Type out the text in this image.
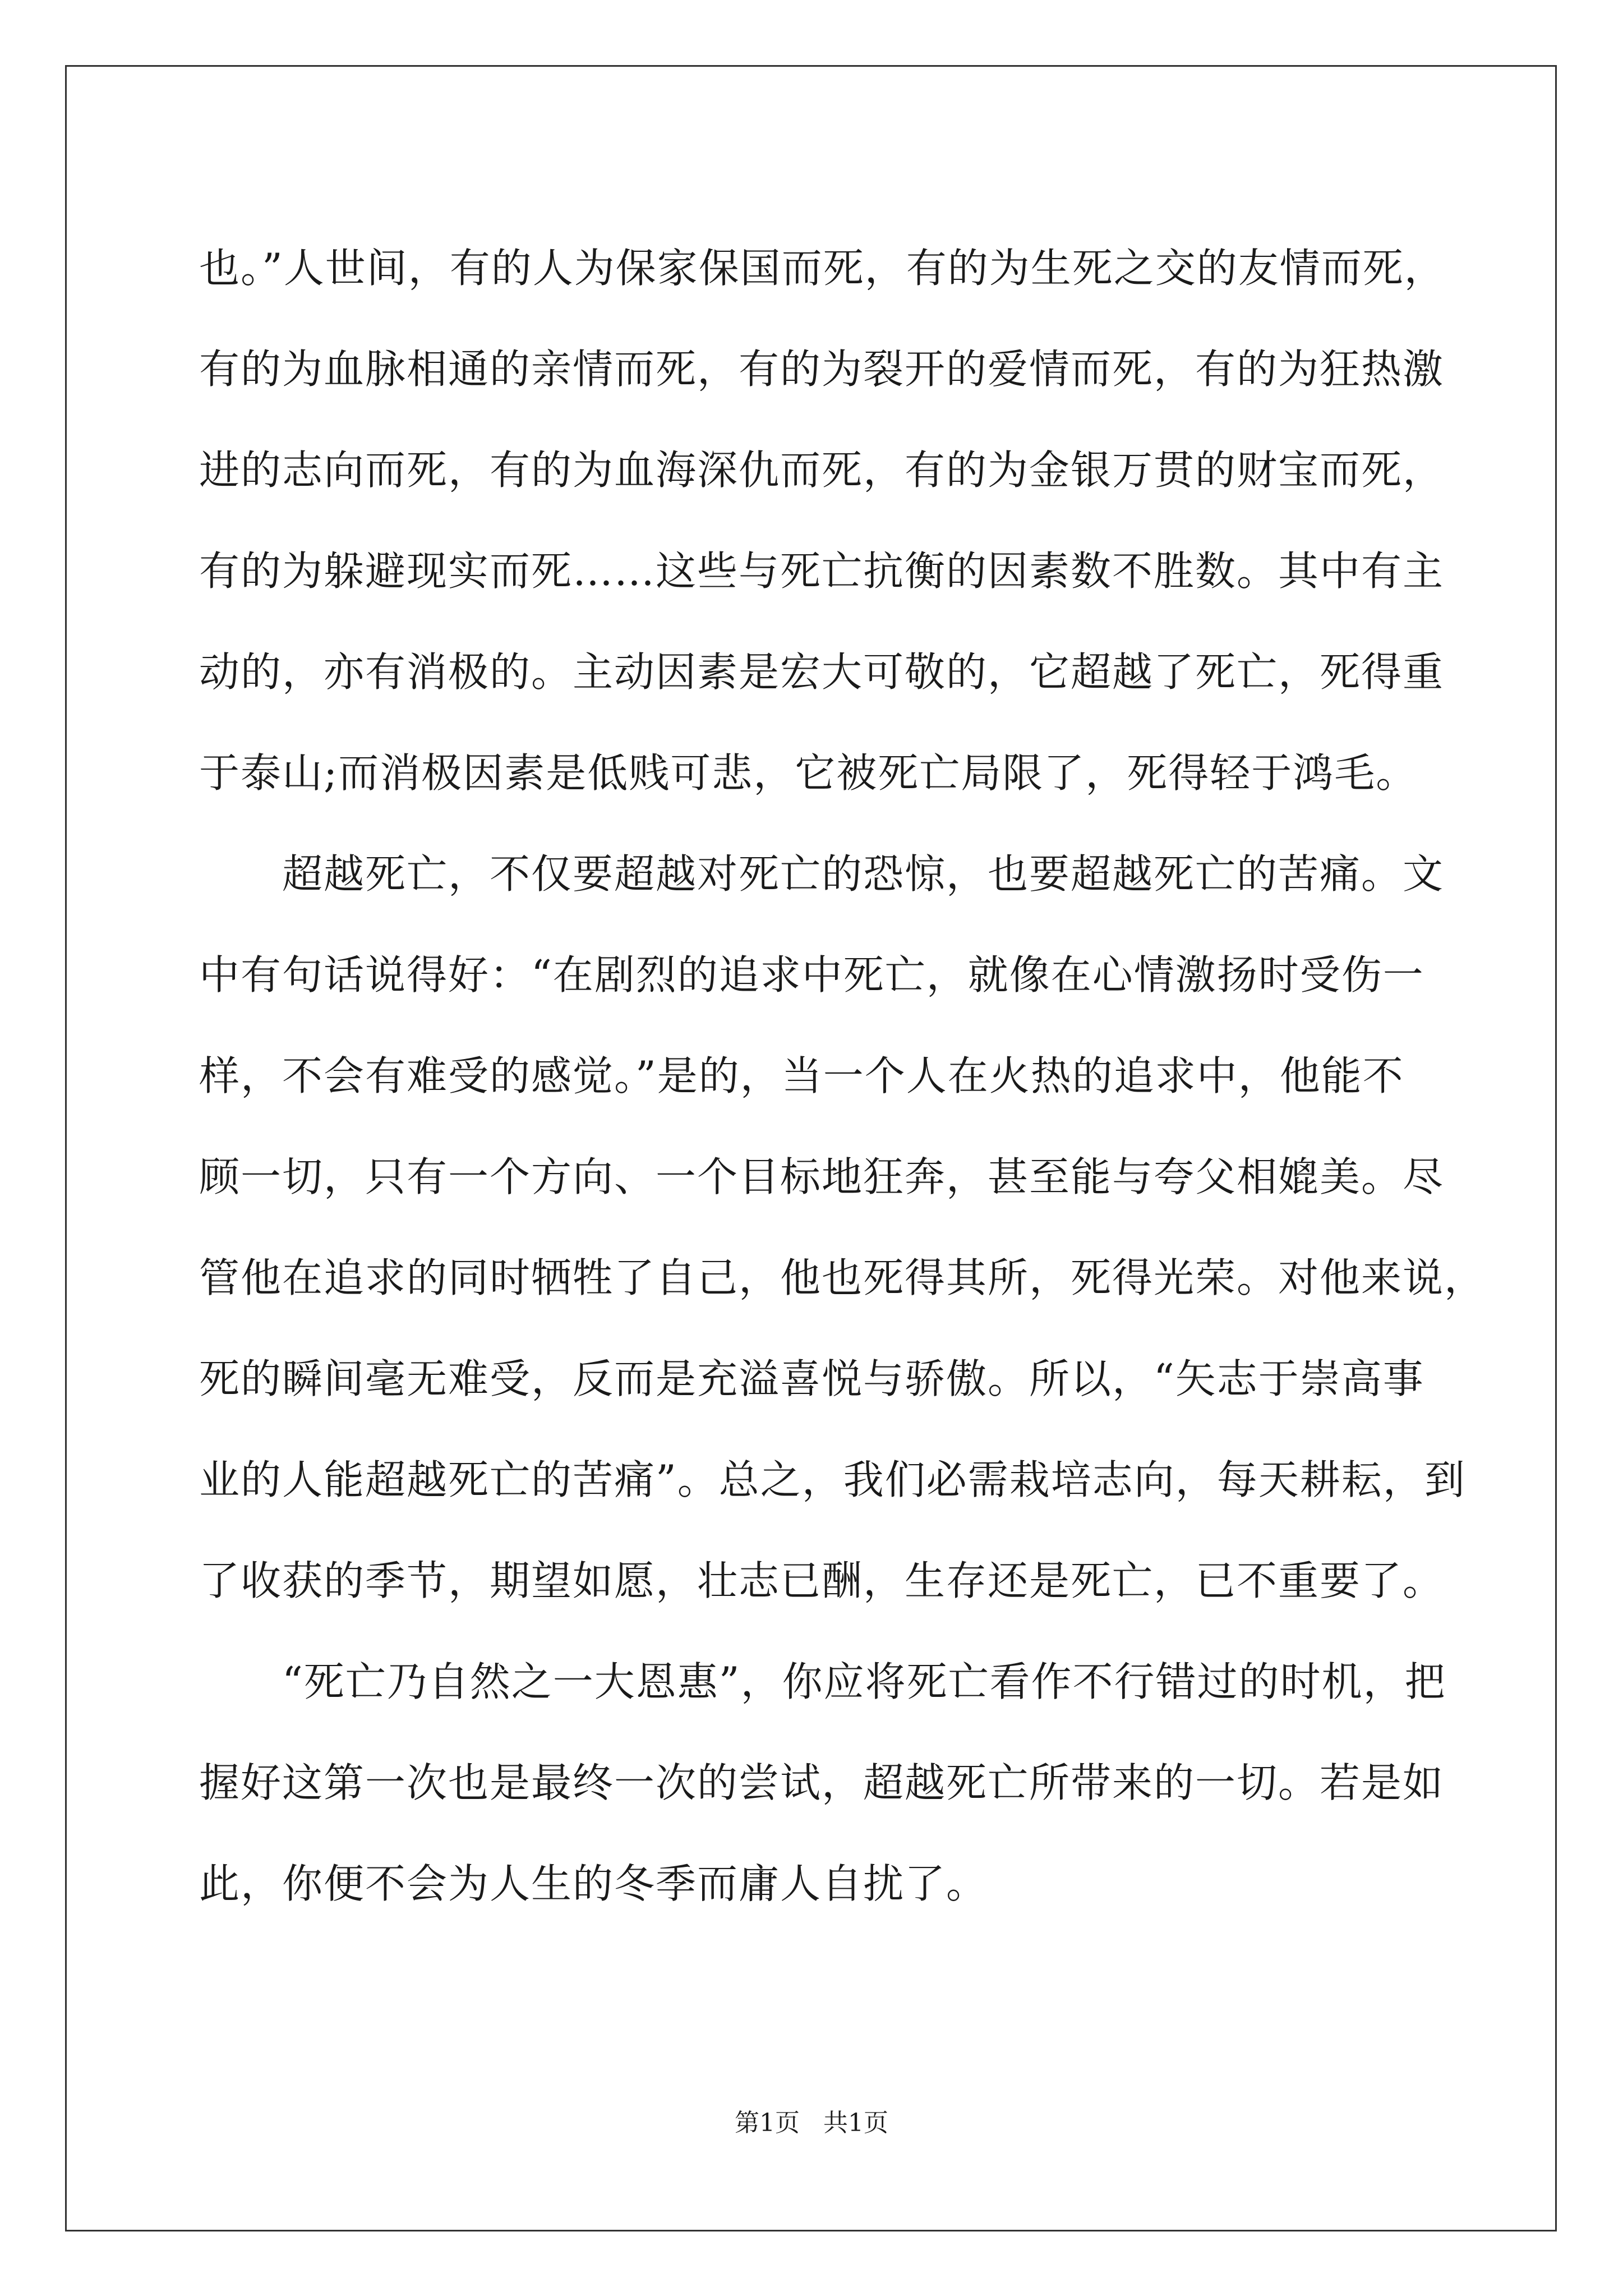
也。”人世间，有的人为保家保国而死，有的为生死之交的友情而死，
有的为血脉相通的亲情而死，有的为裂开的爱情而死，有的为狂热激
进的志向而死，有的为血海深仇而死，有的为金银万贯的财宝而死，
有的为躲避现实而死……这些与死亡抗衡的因素数不胜数。其中有主
动的，亦有消极的。主动因素是宏大可敬的，它超越了死亡，死得重
于泰山;而消极因素是低贱可悲，它被死亡局限了，死得轻于鸿毛。
　　超越死亡，不仅要超越对死亡的恐惊，也要超越死亡的苦痛。文
中有句话说得好：“在剧烈的追求中死亡，就像在心情激扬时受伤一
样，不会有难受的感觉。”是的，当一个人在火热的追求中，他能不
顾一切，只有一个方向、一个目标地狂奔，甚至能与夸父相媲美。尽
管他在追求的同时牺牲了自己，他也死得其所，死得光荣。对他来说，
死的瞬间毫无难受，反而是充溢喜悦与骄傲。所以，“矢志于崇高事
业的人能超越死亡的苦痛”。总之，我们必需栽培志向，每天耕耘，到
了收获的季节，期望如愿，壮志已酬，生存还是死亡，已不重要了。
　　“死亡乃自然之一大恩惠”，你应将死亡看作不行错过的时机，把
握好这第一次也是最终一次的尝试，超越死亡所带来的一切。若是如
此，你便不会为人生的冬季而庸人自扰了。
第1页   共1页
